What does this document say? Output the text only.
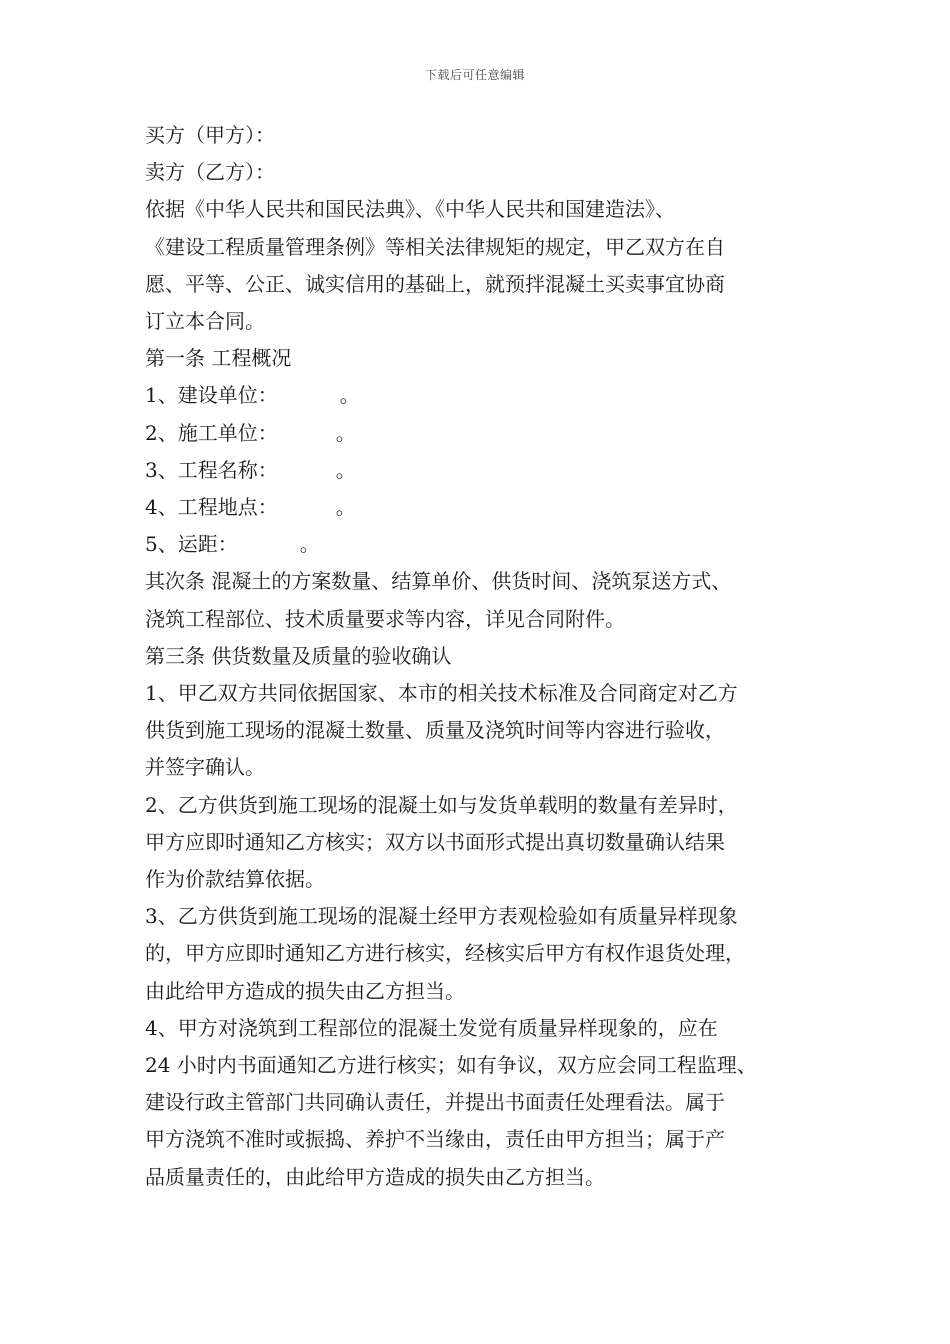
下载后可任意编辑

买方（甲方）：

卖方（乙方）：

依据《中华人民共和国民法典》、《中华人民共和国建造法》、

《建设工程质量管理条例》等相关法律规矩的规定，甲乙双方在自

愿、平等、公正、诚实信用的基础上，就预拌混凝土买卖事宜协商

订立本合同。

第一条 工程概况

1、建设单位：	。

2、施工单位：	。

3、工程名称：	。

4、工程地点：	。

5、运距：	。

其次条 混凝土的方案数量、结算单价、供货时间、浇筑泵送方式、

浇筑工程部位、技术质量要求等内容，详见合同附件。

第三条 供货数量及质量的验收确认

1、甲乙双方共同依据国家、本市的相关技术标准及合同商定对乙方

供货到施工现场的混凝土数量、质量及浇筑时间等内容进行验收，

并签字确认。

2、乙方供货到施工现场的混凝土如与发货单载明的数量有差异时，

甲方应即时通知乙方核实；双方以书面形式提出真切数量确认结果

作为价款结算依据。

3、乙方供货到施工现场的混凝土经甲方表观检验如有质量异样现象

的，甲方应即时通知乙方进行核实，经核实后甲方有权作退货处理，

由此给甲方造成的损失由乙方担当。

4、甲方对浇筑到工程部位的混凝土发觉有质量异样现象的，应在

24 小时内书面通知乙方进行核实；如有争议，双方应会同工程监理、

建设行政主管部门共同确认责任，并提出书面责任处理看法。属于

甲方浇筑不准时或振捣、养护不当缘由，责任由甲方担当；属于产

品质量责任的，由此给甲方造成的损失由乙方担当。
